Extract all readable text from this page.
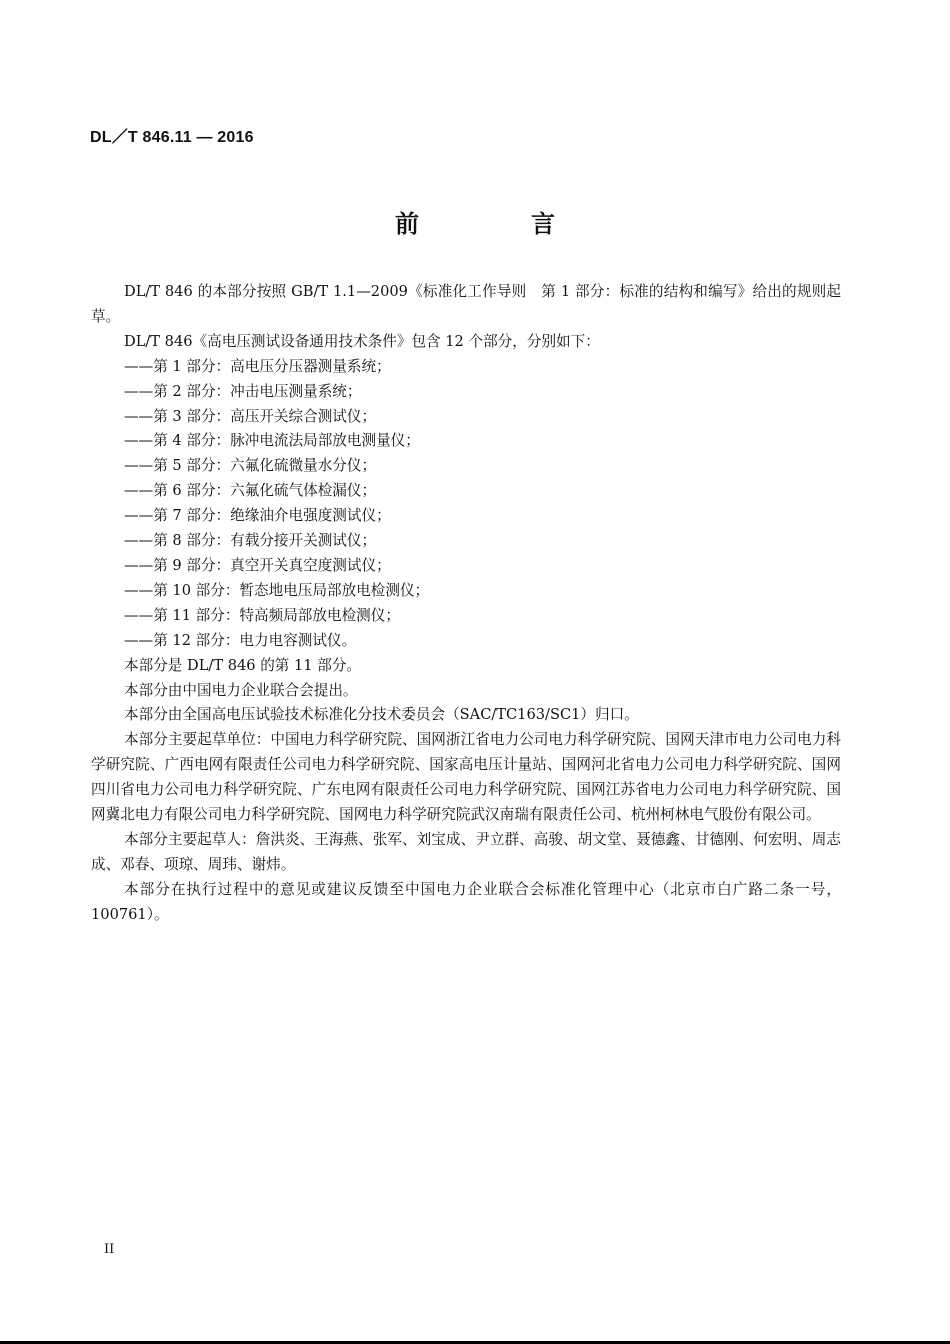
DL／T 846.11 — 2016
前　言

DL/T 846 的本部分按照 GB/T 1.1—2009《标准化工作导则　第 1 部分：标准的结构和编写》给出的规则起草。

DL/T 846《高电压测试设备通用技术条件》包含 12 个部分，分别如下：

——第 1 部分：高电压分压器测量系统；

——第 2 部分：冲击电压测量系统；

——第 3 部分：高压开关综合测试仪；

——第 4 部分：脉冲电流法局部放电测量仪；

——第 5 部分：六氟化硫微量水分仪；

——第 6 部分：六氟化硫气体检漏仪；

——第 7 部分：绝缘油介电强度测试仪；

——第 8 部分：有载分接开关测试仪；

——第 9 部分：真空开关真空度测试仪；

——第 10 部分：暂态地电压局部放电检测仪；

——第 11 部分：特高频局部放电检测仪；

——第 12 部分：电力电容测试仪。

本部分是 DL/T 846 的第 11 部分。

本部分由中国电力企业联合会提出。

本部分由全国高电压试验技术标准化分技术委员会（SAC/TC163/SC1）归口。

本部分主要起草单位：中国电力科学研究院、国网浙江省电力公司电力科学研究院、国网天津市电力公司电力科学研究院、广西电网有限责任公司电力科学研究院、国家高电压计量站、国网河北省电力公司电力科学研究院、国网四川省电力公司电力科学研究院、广东电网有限责任公司电力科学研究院、国网江苏省电力公司电力科学研究院、国网冀北电力有限公司电力科学研究院、国网电力科学研究院武汉南瑞有限责任公司、杭州柯林电气股份有限公司。

本部分主要起草人：詹洪炎、王海燕、张军、刘宝成、尹立群、高骏、胡文堂、聂德鑫、甘德刚、何宏明、周志成、邓春、项琼、周玮、谢炜。

本部分在执行过程中的意见或建议反馈至中国电力企业联合会标准化管理中心（北京市白广路二条一号，100761）。

II
